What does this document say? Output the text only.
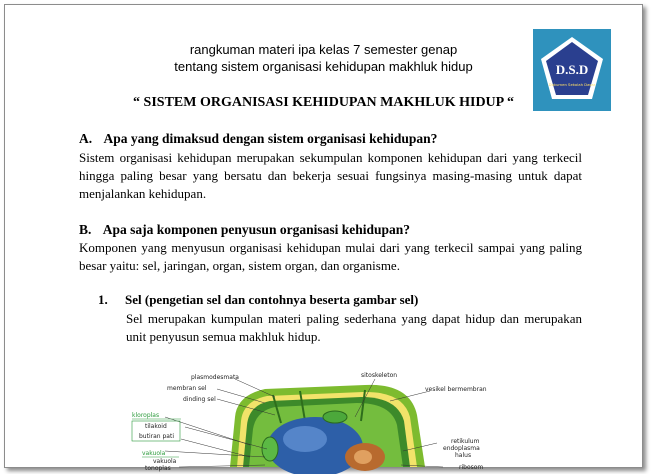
rangkuman materi ipa kelas 7 semester genap
tentang sistem organisasi kehidupan makhluk hidup	D.S.D
Dokumen Sekolah Dasar
“ SISTEM ORGANISASI KEHIDUPAN MAKHLUK HIDUP “
A. Apa yang dimaksud dengan sistem organisasi kehidupan?
Sistem organisasi kehidupan merupakan sekumpulan komponen kehidupan dari yang terkecil hingga paling besar yang bersatu dan bekerja sesuai fungsinya masing-masing untuk dapat menjalankan kehidupan.
B. Apa saja komponen penyusun organisasi kehidupan?
Komponen yang menyusun organisasi kehidupan mulai dari yang terkecil sampai yang paling besar yaitu: sel, jaringan, organ, sistem organ, dan organisme.
1. Sel (pengetian sel dan contohnya beserta gambar sel)
Sel merupakan kumpulan materi paling sederhana yang dapat hidup dan merupakan unit penyusun semua makhluk hidup.
plasmodesmata
membran sel
dinding sel
kloroplas
tilakoid
butiran pati
vakuola
vakuola
tonoplas
sitoskeleton
vesikel bermembran
retikulum
endoplasma
halus
ribosom
